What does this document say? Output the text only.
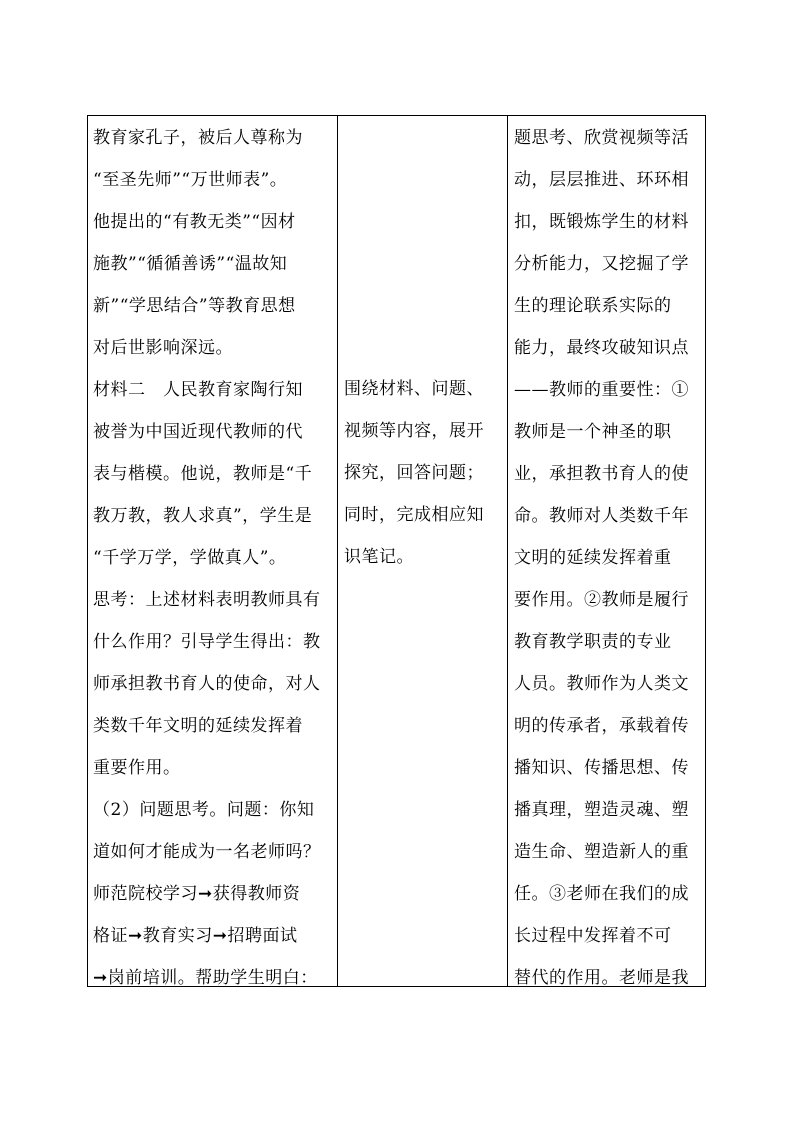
教育家孔子，被后人尊称为
“至圣先师”“万世师表”。
他提出的“有教无类”“因材
施教”“循循善诱”“温故知
新”“学思结合”等教育思想
对后世影响深远。
材料二　人民教育家陶行知
被誉为中国近现代教师的代
表与楷模。他说，教师是“千
教万教，教人求真”，学生是
“千学万学，学做真人”。
思考：上述材料表明教师具有
什么作用？引导学生得出：教
师承担教书育人的使命，对人
类数千年文明的延续发挥着
重要作用。
（2）问题思考。问题：你知
道如何才能成为一名老师吗？
师范院校学习➞获得教师资
格证➞教育实习➞招聘面试
➞岗前培训。帮助学生明白：
围绕材料、问题、
视频等内容，展开
探究，回答问题；
同时，完成相应知
识笔记。
题思考、欣赏视频等活
动，层层推进、环环相
扣，既锻炼学生的材料
分析能力，又挖掘了学
生的理论联系实际的
能力，最终攻破知识点
——教师的重要性：①
教师是一个神圣的职
业，承担教书育人的使
命。教师对人类数千年
文明的延续发挥着重
要作用。②教师是履行
教育教学职责的专业
人员。教师作为人类文
明的传承者，承载着传
播知识、传播思想、传
播真理，塑造灵魂、塑
造生命、塑造新人的重
任。③老师在我们的成
长过程中发挥着不可
替代的作用。老师是我
